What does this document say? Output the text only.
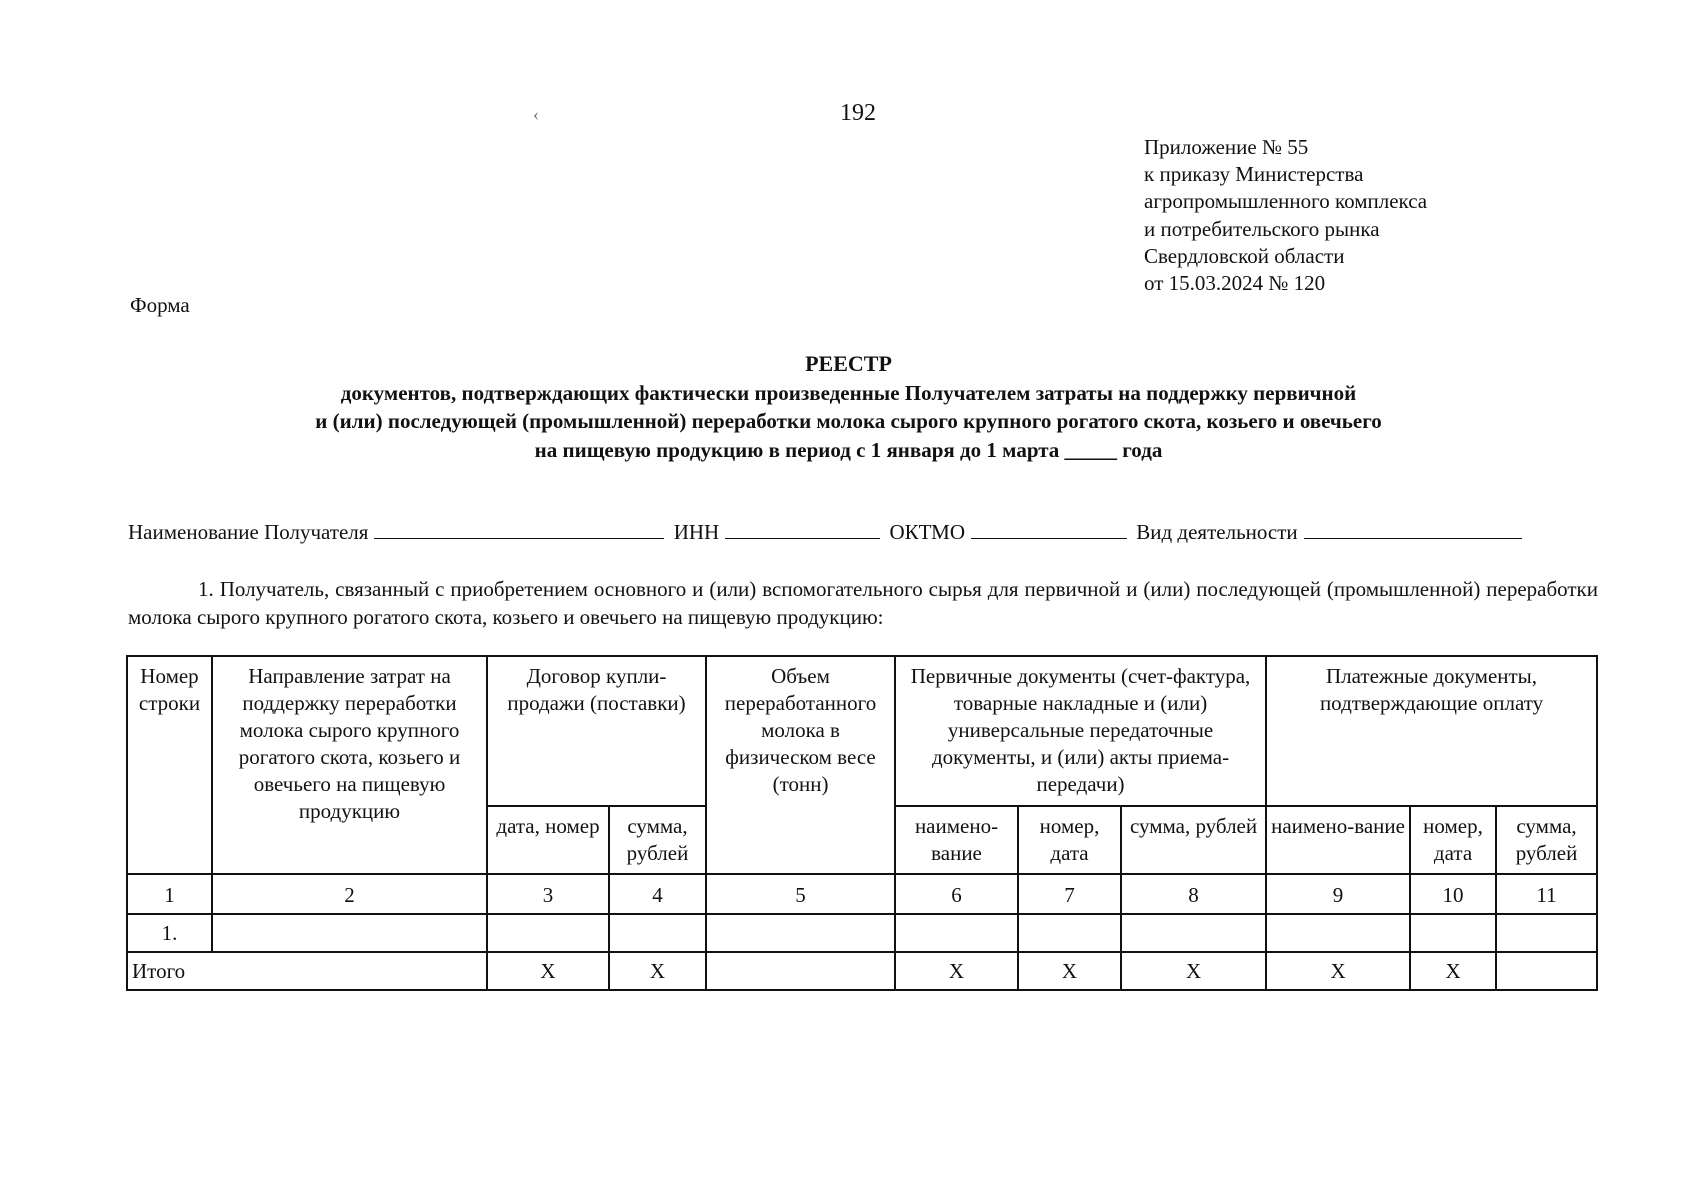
‹	192
Приложение № 55
к приказу Министерства
агропромышленного комплекса
и потребительского рынка
Свердловской области
от 15.03.2024 № 120
Форма
РЕЕСТР
документов, подтверждающих фактически произведенные Получателем затраты на поддержку первичной
и (или) последующей (промышленной) переработки молока сырого крупного рогатого скота, козьего и овечьего
на пищевую продукцию в период с 1 января до 1 марта _____ года
Наименование Получателя	ИНН	ОКТМО	Вид деятельности
1. Получатель, связанный с приобретением основного и (или) вспомогательного сырья для первичной и (или) последующей (промышленной) переработки молока сырого крупного рогатого скота, козьего и овечьего на пищевую продукцию:
Номер строки	Направление затрат на поддержку переработки молока сырого крупного рогатого скота, козьего и овечьего на пищевую продукцию	Договор купли-продажи (поставки)		Объем переработанного молока в физическом весе (тонн)	Первичные документы (счет-фактура, товарные накладные и (или) универсальные передаточные документы, и (или) акты приема-передачи)			Платежные документы, подтверждающие оплату		
		дата, номер	сумма, рублей		наимено-вание	номер, дата	сумма, рублей	наимено-вание	номер, дата	сумма, рублей
1	2	3	4	5	6	7	8	9	10	11
1.										
Итого		X	X		X	X	X	X	X	
